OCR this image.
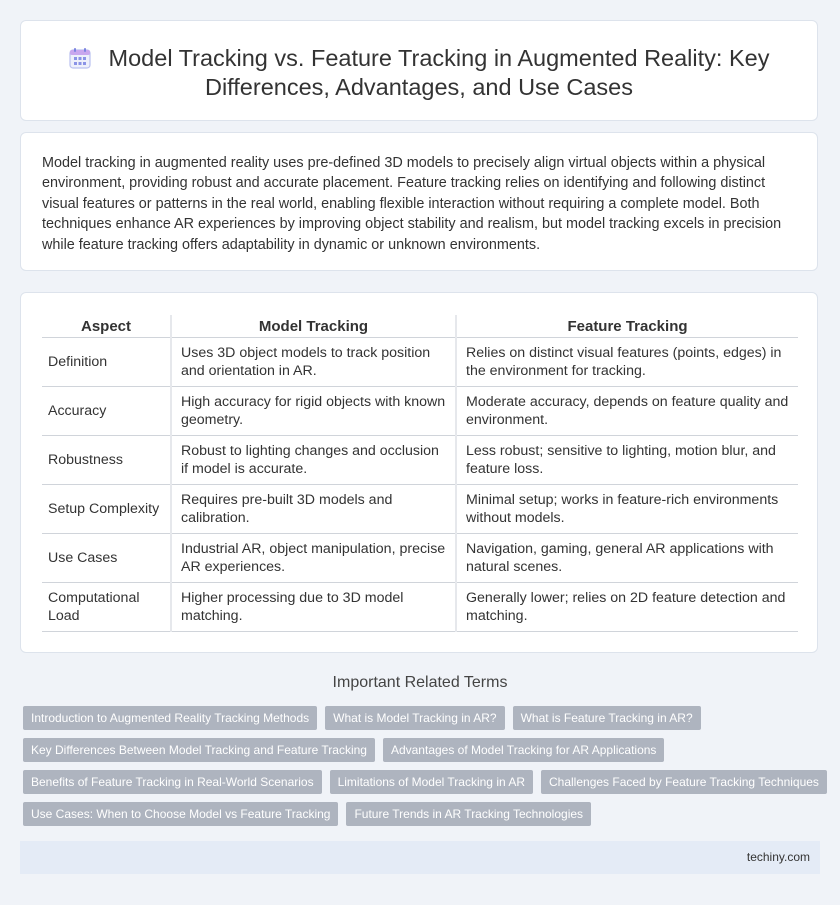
Model Tracking vs. Feature Tracking in Augmented Reality: Key
Differences, Advantages, and Use Cases

Model tracking in augmented reality uses pre-defined 3D models to precisely align virtual objects within a physical environment, providing robust and accurate placement. Feature tracking relies on identifying and following distinct visual features or patterns in the real world, enabling flexible interaction without requiring a complete model. Both techniques enhance AR experiences by improving object stability and realism, but model tracking excels in precision while feature tracking offers adaptability in dynamic or unknown environments.

Aspect	Model Tracking	Feature Tracking
Definition	Uses 3D object models to track position and orientation in AR.	Relies on distinct visual features (points, edges) in the environment for tracking.
Accuracy	High accuracy for rigid objects with known geometry.	Moderate accuracy, depends on feature quality and environment.
Robustness	Robust to lighting changes and occlusion if model is accurate.	Less robust; sensitive to lighting, motion blur, and feature loss.
Setup Complexity	Requires pre-built 3D models and calibration.	Minimal setup; works in feature-rich environments without models.
Use Cases	Industrial AR, object manipulation, precise AR experiences.	Navigation, gaming, general AR applications with natural scenes.
Computational Load	Higher processing due to 3D model matching.	Generally lower; relies on 2D feature detection and matching.
Important Related Terms
Introduction to Augmented Reality Tracking Methods	What is Model Tracking in AR?	What is Feature Tracking in AR?
Key Differences Between Model Tracking and Feature Tracking	Advantages of Model Tracking for AR Applications
Benefits of Feature Tracking in Real-World Scenarios	Limitations of Model Tracking in AR	Challenges Faced by Feature Tracking Techniques
Use Cases: When to Choose Model vs Feature Tracking	Future Trends in AR Tracking Technologies
techiny.com
